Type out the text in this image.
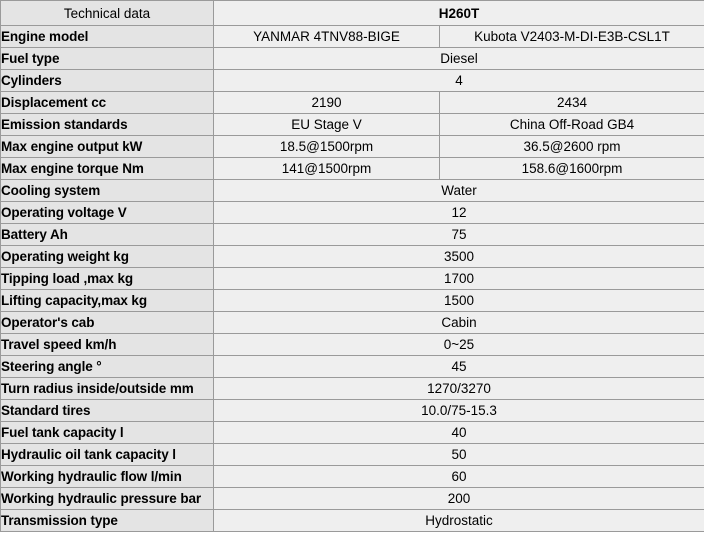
Technical data	H260T	
Engine model	YANMAR 4TNV88-BIGE	Kubota V2403-M-DI-E3B-CSL1T
Fuel type	Diesel	
Cylinders	4	
Displacement cc	2190	2434
Emission standards	EU Stage V	China Off-Road GB4
Max engine output kW	18.5@1500rpm	36.5@2600 rpm
Max engine torque Nm	141@1500rpm	158.6@1600rpm
Cooling system	Water	
Operating voltage V	12	
Battery Ah	75	
Operating weight kg	3500	
Tipping load ,max kg	1700	
Lifting capacity,max kg	1500	
Operator's cab	Cabin	
Travel speed km/h	0~25	
Steering angle °	45	
Turn radius inside/outside mm	1270/3270	
Standard tires	10.0/75-15.3	
Fuel tank capacity l	40	
Hydraulic oil tank capacity l	50	
Working hydraulic flow l/min	60	
Working hydraulic pressure bar	200	
Transmission type	Hydrostatic	
